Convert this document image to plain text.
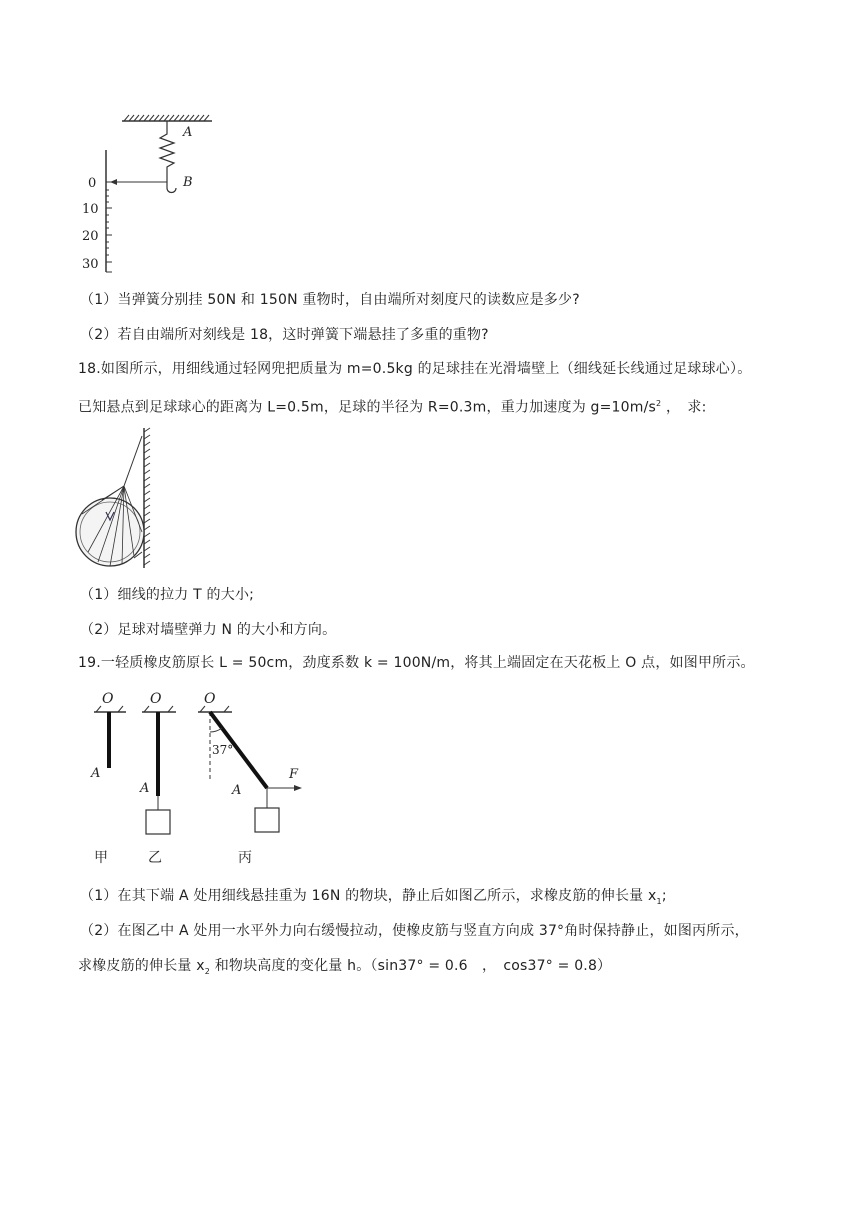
A
B
0
10
20
30
（1）当弹簧分别挂 50N 和 150N 重物时，自由端所对刻度尺的读数应是多少?
（2）若自由端所对刻线是 18，这时弹簧下端悬挂了多重的重物?
18.如图所示，用细线通过轻网兜把质量为 m=0.5kg 的足球挂在光滑墙壁上（细线延长线通过足球球心）。
已知悬点到足球球心的距离为 L=0.5m，足球的半径为 R=0.3m，重力加速度为 $g=10m/s^2$ ，　求:
（1）细线的拉力 T 的大小;
（2）足球对墙壁弹力 N 的大小和方向。
19.一轻质橡皮筋原长 L = 50cm，劲度系数 k = 100N/m，将其上端固定在天花板上 O 点，如图甲所示。
O
A
甲
O
A
乙
O
37°
A
F
丙
（1）在其下端 A 处用细线悬挂重为 16N 的物块，静止后如图乙所示，求橡皮筋的伸长量 $x_1$;
（2）在图乙中 A 处用一水平外力向右缓慢拉动，使橡皮筋与竖直方向成 37°角时保持静止，如图丙所示，
求橡皮筋的伸长量 $x_2$ 和物块高度的变化量 h。（sin37° = 0.6　，　cos37° = 0.8）
